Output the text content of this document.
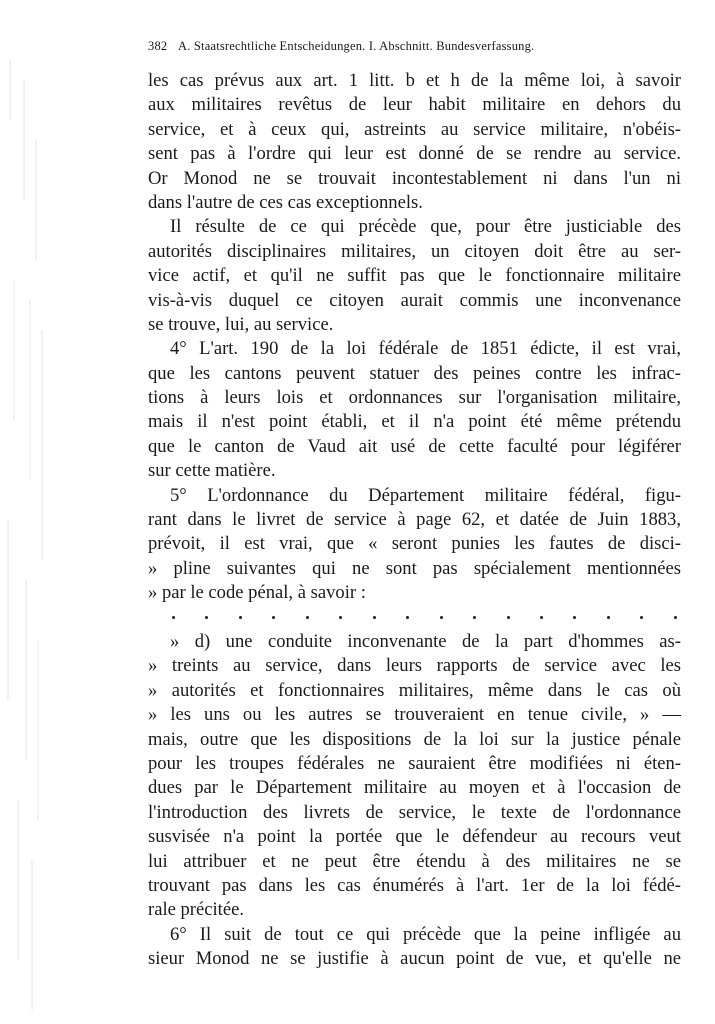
382 A. Staatsrechtliche Entscheidungen. I. Abschnitt. Bundesverfassung.
les cas prévus aux art. 1 litt. b et h de la même loi, à savoir
aux militaires revêtus de leur habit militaire en dehors du
service, et à ceux qui, astreints au service militaire, n'obéis-
sent pas à l'ordre qui leur est donné de se rendre au service.
Or Monod ne se trouvait incontestablement ni dans l'un ni
dans l'autre de ces cas exceptionnels.
Il résulte de ce qui précède que, pour être justiciable des
autorités disciplinaires militaires, un citoyen doit être au ser-
vice actif, et qu'il ne suffit pas que le fonctionnaire militaire
vis-à-vis duquel ce citoyen aurait commis une inconvenance
se trouve, lui, au service.
4° L'art. 190 de la loi fédérale de 1851 édicte, il est vrai,
que les cantons peuvent statuer des peines contre les infrac-
tions à leurs lois et ordonnances sur l'organisation militaire,
mais il n'est point établi, et il n'a point été même prétendu
que le canton de Vaud ait usé de cette faculté pour légiférer
sur cette matière.
5° L'ordonnance du Département militaire fédéral, figu-
rant dans le livret de service à page 62, et datée de Juin 1883,
prévoit, il est vrai, que « seront punies les fautes de disci-
» pline suivantes qui ne sont pas spécialement mentionnées
» par le code pénal, à savoir :
» d) une conduite inconvenante de la part d'hommes as-
» treints au service, dans leurs rapports de service avec les
» autorités et fonctionnaires militaires, même dans le cas où
» les uns ou les autres se trouveraient en tenue civile, » —
mais, outre que les dispositions de la loi sur la justice pénale
pour les troupes fédérales ne sauraient être modifiées ni éten-
dues par le Département militaire au moyen et à l'occasion de
l'introduction des livrets de service, le texte de l'ordonnance
susvisée n'a point la portée que le défendeur au recours veut
lui attribuer et ne peut être étendu à des militaires ne se
trouvant pas dans les cas énumérés à l'art. 1er de la loi fédé-
rale précitée.
6° Il suit de tout ce qui précède que la peine infligée au
sieur Monod ne se justifie à aucun point de vue, et qu'elle ne
